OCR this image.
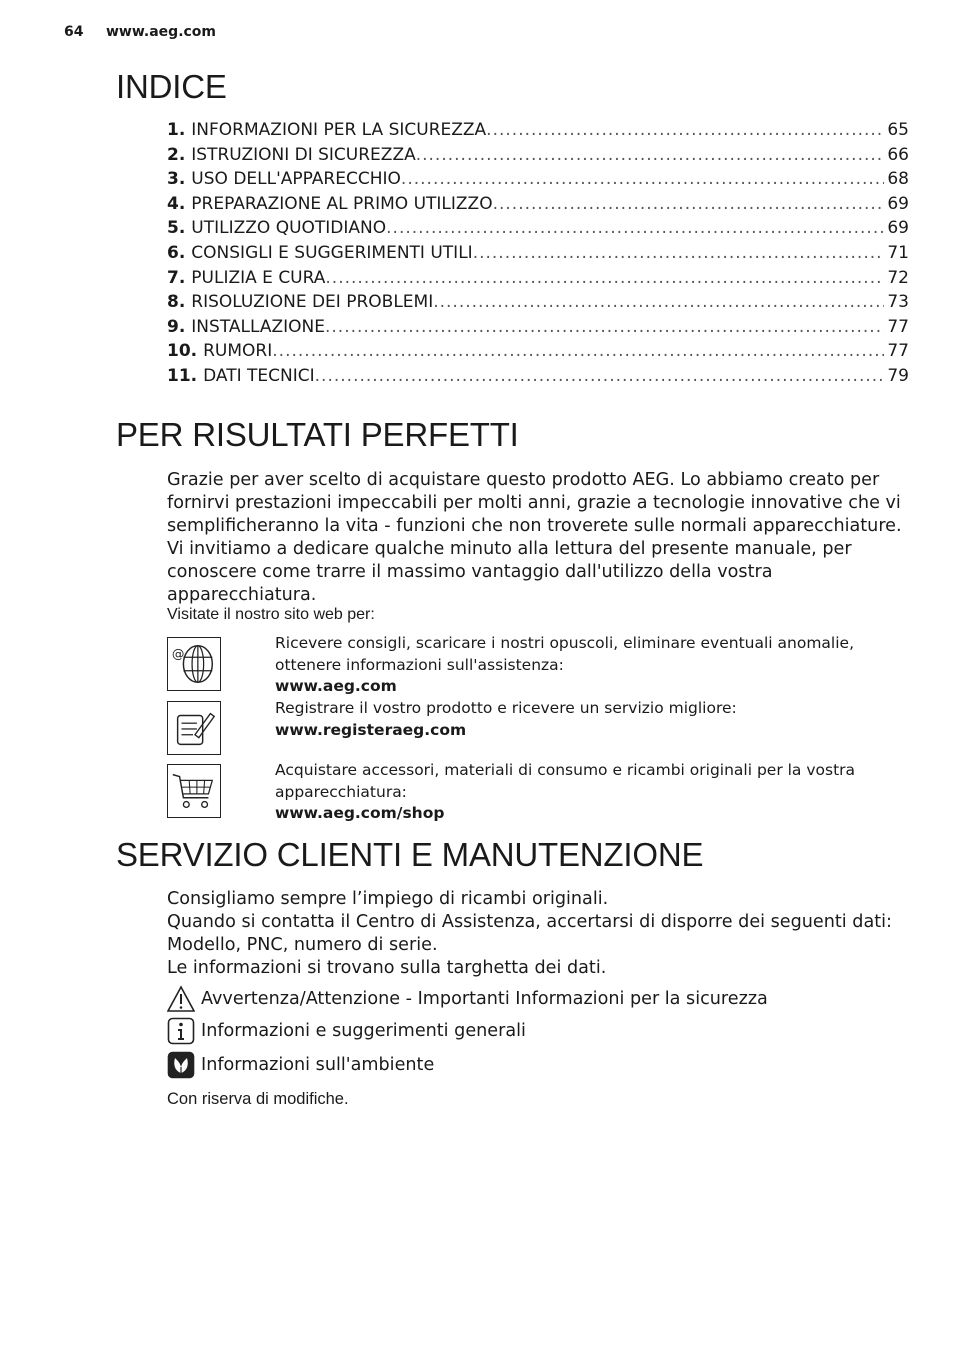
64 www.aeg.com
INDICE
1. INFORMAZIONI PER LA SICUREZZA .....	65
2. ISTRUZIONI DI SICUREZZA .....	66
3. USO DELL'APPARECCHIO .....	68
4. PREPARAZIONE AL PRIMO UTILIZZO .....	69
5. UTILIZZO QUOTIDIANO .....	69
6. CONSIGLI E SUGGERIMENTI UTILI .....	71
7. PULIZIA E CURA .....	72
8. RISOLUZIONE DEI PROBLEMI .....	73
9. INSTALLAZIONE .....	77
10. RUMORI .....	77
11. DATI TECNICI .....	79
PER RISULTATI PERFETTI

Grazie per aver scelto di acquistare questo prodotto AEG. Lo abbiamo creato per fornirvi prestazioni impeccabili per molti anni, grazie a tecnologie innovative che vi semplificheranno la vita - funzioni che non troverete sulle normali apparecchiature. Vi invitiamo a dedicare qualche minuto alla lettura del presente manuale, per conoscere come trarre il massimo vantaggio dall'utilizzo della vostra apparecchiatura.

Visitate il nostro sito web per:
@
Ricevere consigli, scaricare i nostri opuscoli, eliminare eventuali anomalie, ottenere informazioni sull'assistenza:
www.aeg.com
Registrare il vostro prodotto e ricevere un servizio migliore:
www.registeraeg.com
Acquistare accessori, materiali di consumo e ricambi originali per la vostra apparecchiatura:
www.aeg.com/shop
SERVIZIO CLIENTI E MANUTENZIONE
Consigliamo sempre l’impiego di ricambi originali.
Quando si contatta il Centro di Assistenza, accertarsi di disporre dei seguenti dati: Modello, PNC, numero di serie.
Le informazioni si trovano sulla targhetta dei dati.
Avvertenza/Attenzione - Importanti Informazioni per la sicurezza
Informazioni e suggerimenti generali
Informazioni sull'ambiente
Con riserva di modifiche.
